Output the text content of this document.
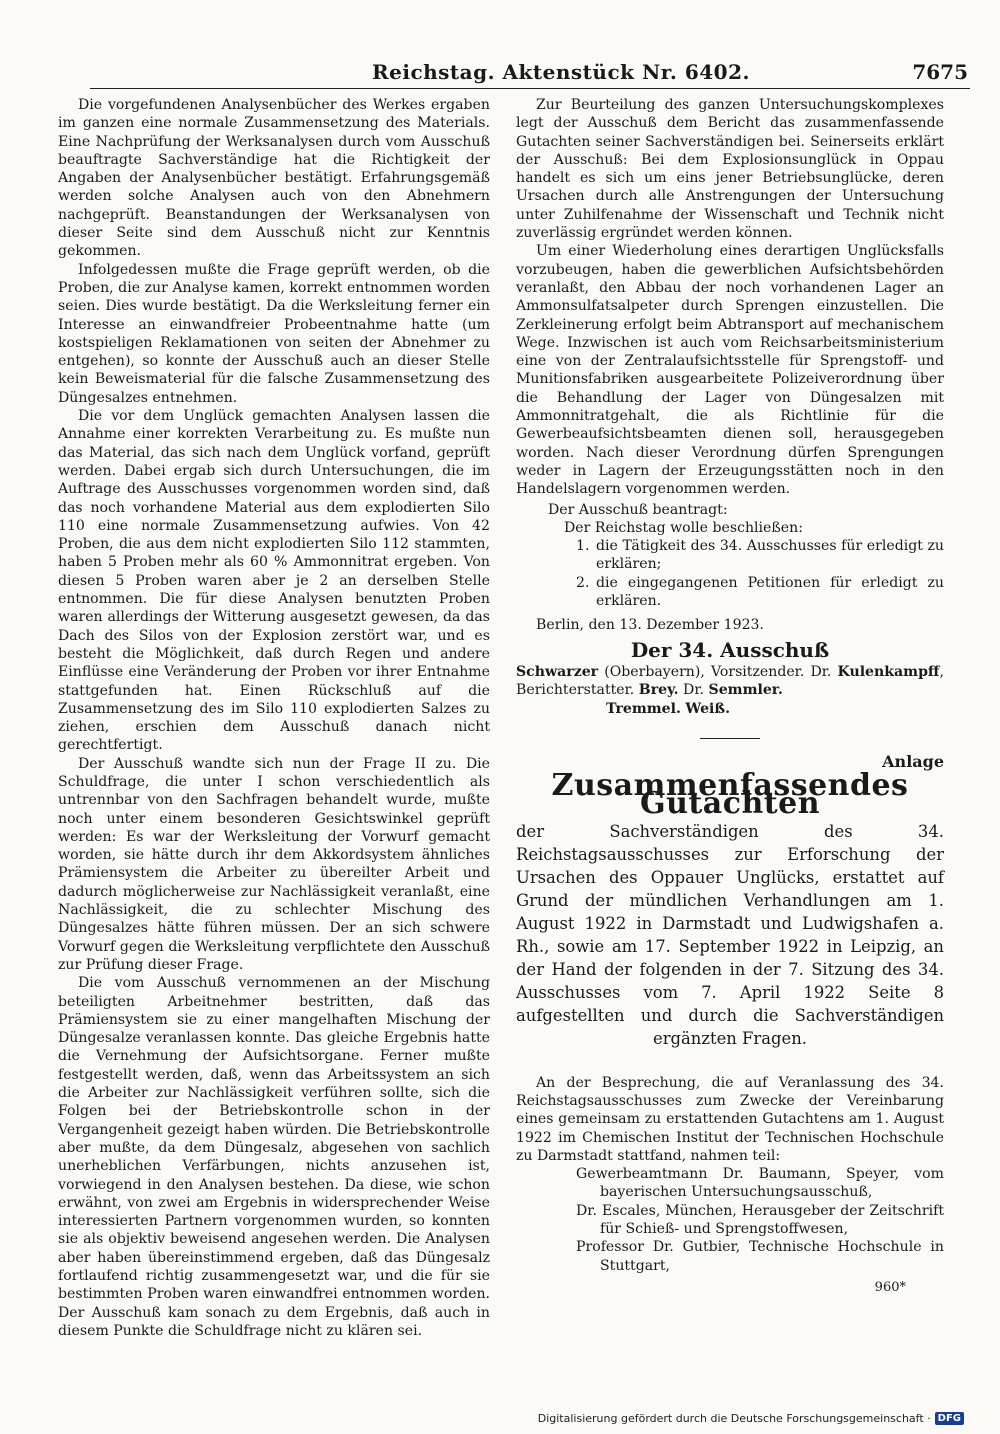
Reichstag. Aktenstück Nr. 6402.	7675

Die vorgefundenen Analysenbücher des Werkes ergaben im ganzen eine normale Zusammensetzung des Materials. Eine Nachprüfung der Werksanalysen durch vom Ausschuß beauftragte Sachverständige hat die Richtigkeit der Angaben der Analysenbücher bestätigt. Erfahrungsgemäß werden solche Analysen auch von den Abnehmern nachgeprüft. Beanstandungen der Werksanalysen von dieser Seite sind dem Ausschuß nicht zur Kenntnis gekommen.

Infolgedessen mußte die Frage geprüft werden, ob die Proben, die zur Analyse kamen, korrekt entnommen worden seien. Dies wurde bestätigt. Da die Werksleitung ferner ein Interesse an einwandfreier Probeentnahme hatte (um kostspieligen Reklamationen von seiten der Abnehmer zu entgehen), so konnte der Ausschuß auch an dieser Stelle kein Beweismaterial für die falsche Zusammensetzung des Düngesalzes entnehmen.

Die vor dem Unglück gemachten Analysen lassen die Annahme einer korrekten Verarbeitung zu. Es mußte nun das Material, das sich nach dem Unglück vorfand, geprüft werden. Dabei ergab sich durch Untersuchungen, die im Auftrage des Ausschusses vorgenommen worden sind, daß das noch vorhandene Material aus dem explodierten Silo 110 eine normale Zusammensetzung aufwies. Von 42 Proben, die aus dem nicht explodierten Silo 112 stammten, haben 5 Proben mehr als 60 % Ammonnitrat ergeben. Von diesen 5 Proben waren aber je 2 an derselben Stelle entnommen. Die für diese Analysen benutzten Proben waren allerdings der Witterung ausgesetzt gewesen, da das Dach des Silos von der Explosion zerstört war, und es besteht die Möglichkeit, daß durch Regen und andere Einflüsse eine Veränderung der Proben vor ihrer Entnahme stattgefunden hat. Einen Rückschluß auf die Zusammensetzung des im Silo 110 explodierten Salzes zu ziehen, erschien dem Ausschuß danach nicht gerechtfertigt.

Der Ausschuß wandte sich nun der Frage II zu. Die Schuldfrage, die unter I schon verschiedentlich als untrennbar von den Sachfragen behandelt wurde, mußte noch unter einem besonderen Gesichtswinkel geprüft werden: Es war der Werksleitung der Vorwurf gemacht worden, sie hätte durch ihr dem Akkordsystem ähnliches Prämiensystem die Arbeiter zu übereilter Arbeit und dadurch möglicherweise zur Nachlässigkeit veranlaßt, eine Nachlässigkeit, die zu schlechter Mischung des Düngesalzes hätte führen müssen. Der an sich schwere Vorwurf gegen die Werksleitung verpflichtete den Ausschuß zur Prüfung dieser Frage.

Die vom Ausschuß vernommenen an der Mischung beteiligten Arbeitnehmer bestritten, daß das Prämiensystem sie zu einer mangelhaften Mischung der Düngesalze veranlassen konnte. Das gleiche Ergebnis hatte die Vernehmung der Aufsichtsorgane. Ferner mußte festgestellt werden, daß, wenn das Arbeitssystem an sich die Arbeiter zur Nachlässigkeit verführen sollte, sich die Folgen bei der Betriebskontrolle schon in der Vergangenheit gezeigt haben würden. Die Betriebskontrolle aber mußte, da dem Düngesalz, abgesehen von sachlich unerheblichen Verfärbungen, nichts anzusehen ist, vorwiegend in den Analysen bestehen. Da diese, wie schon erwähnt, von zwei am Ergebnis in widersprechender Weise interessierten Partnern vorgenommen wurden, so konnten sie als objektiv beweisend angesehen werden. Die Analysen aber haben übereinstimmend ergeben, daß das Düngesalz fortlaufend richtig zusammengesetzt war, und die für sie bestimmten Proben waren einwandfrei entnommen worden. Der Ausschuß kam sonach zu dem Ergebnis, daß auch in diesem Punkte die Schuldfrage nicht zu klären sei.

Zur Beurteilung des ganzen Untersuchungskomplexes legt der Ausschuß dem Bericht das zusammenfassende Gutachten seiner Sachverständigen bei. Seinerseits erklärt der Ausschuß: Bei dem Explosionsunglück in Oppau handelt es sich um eins jener Betriebsunglücke, deren Ursachen durch alle Anstrengungen der Untersuchung unter Zuhilfenahme der Wissenschaft und Technik nicht zuverlässig ergründet werden können.

Um einer Wiederholung eines derartigen Unglücksfalls vorzubeugen, haben die gewerblichen Aufsichtsbehörden veranlaßt, den Abbau der noch vorhandenen Lager an Ammonsulfatsalpeter durch Sprengen einzustellen. Die Zerkleinerung erfolgt beim Abtransport auf mechanischem Wege. Inzwischen ist auch vom Reichsarbeitsministerium eine von der Zentralaufsichtsstelle für Sprengstoff- und Munitionsfabriken ausgearbeitete Polizeiverordnung über die Behandlung der Lager von Düngesalzen mit Ammonnitratgehalt, die als Richtlinie für die Gewerbeaufsichtsbeamten dienen soll, herausgegeben worden. Nach dieser Verordnung dürfen Sprengungen weder in Lagern der Erzeugungsstätten noch in den Handelslagern vorgenommen werden.

Der Ausschuß beantragt:

Der Reichstag wolle beschließen:

1. die Tätigkeit des 34. Ausschusses für erledigt zu erklären;
2. die eingegangenen Petitionen für erledigt zu erklären.

Berlin, den 13. Dezember 1923.

Der 34. Ausschuß

Schwarzer (Oberbayern), Vorsitzender. Dr. Kulenkampff, Berichterstatter. Brey. Dr. Semmler.
Tremmel. Weiß.

Anlage
Zusammenfassendes Gutachten

der Sachverständigen des 34. Reichstagsausschusses zur Erforschung der Ursachen des Oppauer Unglücks, erstattet auf Grund der mündlichen Verhandlungen am 1. August 1922 in Darmstadt und Ludwigshafen a. Rh., sowie am 17. September 1922 in Leipzig, an der Hand der folgenden in der 7. Sitzung des 34. Ausschusses vom 7. April 1922 Seite 8 aufgestellten und durch die Sachverständigen ergänzten Fragen.

An der Besprechung, die auf Veranlassung des 34. Reichstagsausschusses zum Zwecke der Vereinbarung eines gemeinsam zu erstattenden Gutachtens am 1. August 1922 im Chemischen Institut der Technischen Hochschule zu Darmstadt stattfand, nahmen teil:

Gewerbeamtmann Dr. Baumann, Speyer, vom bayerischen Untersuchungsausschuß,

Dr. Escales, München, Herausgeber der Zeitschrift für Schieß- und Sprengstoffwesen,

Professor Dr. Gutbier, Technische Hochschule in Stuttgart,

960*

Digitalisierung gefördert durch die Deutsche Forschungsgemeinschaft · DFG
